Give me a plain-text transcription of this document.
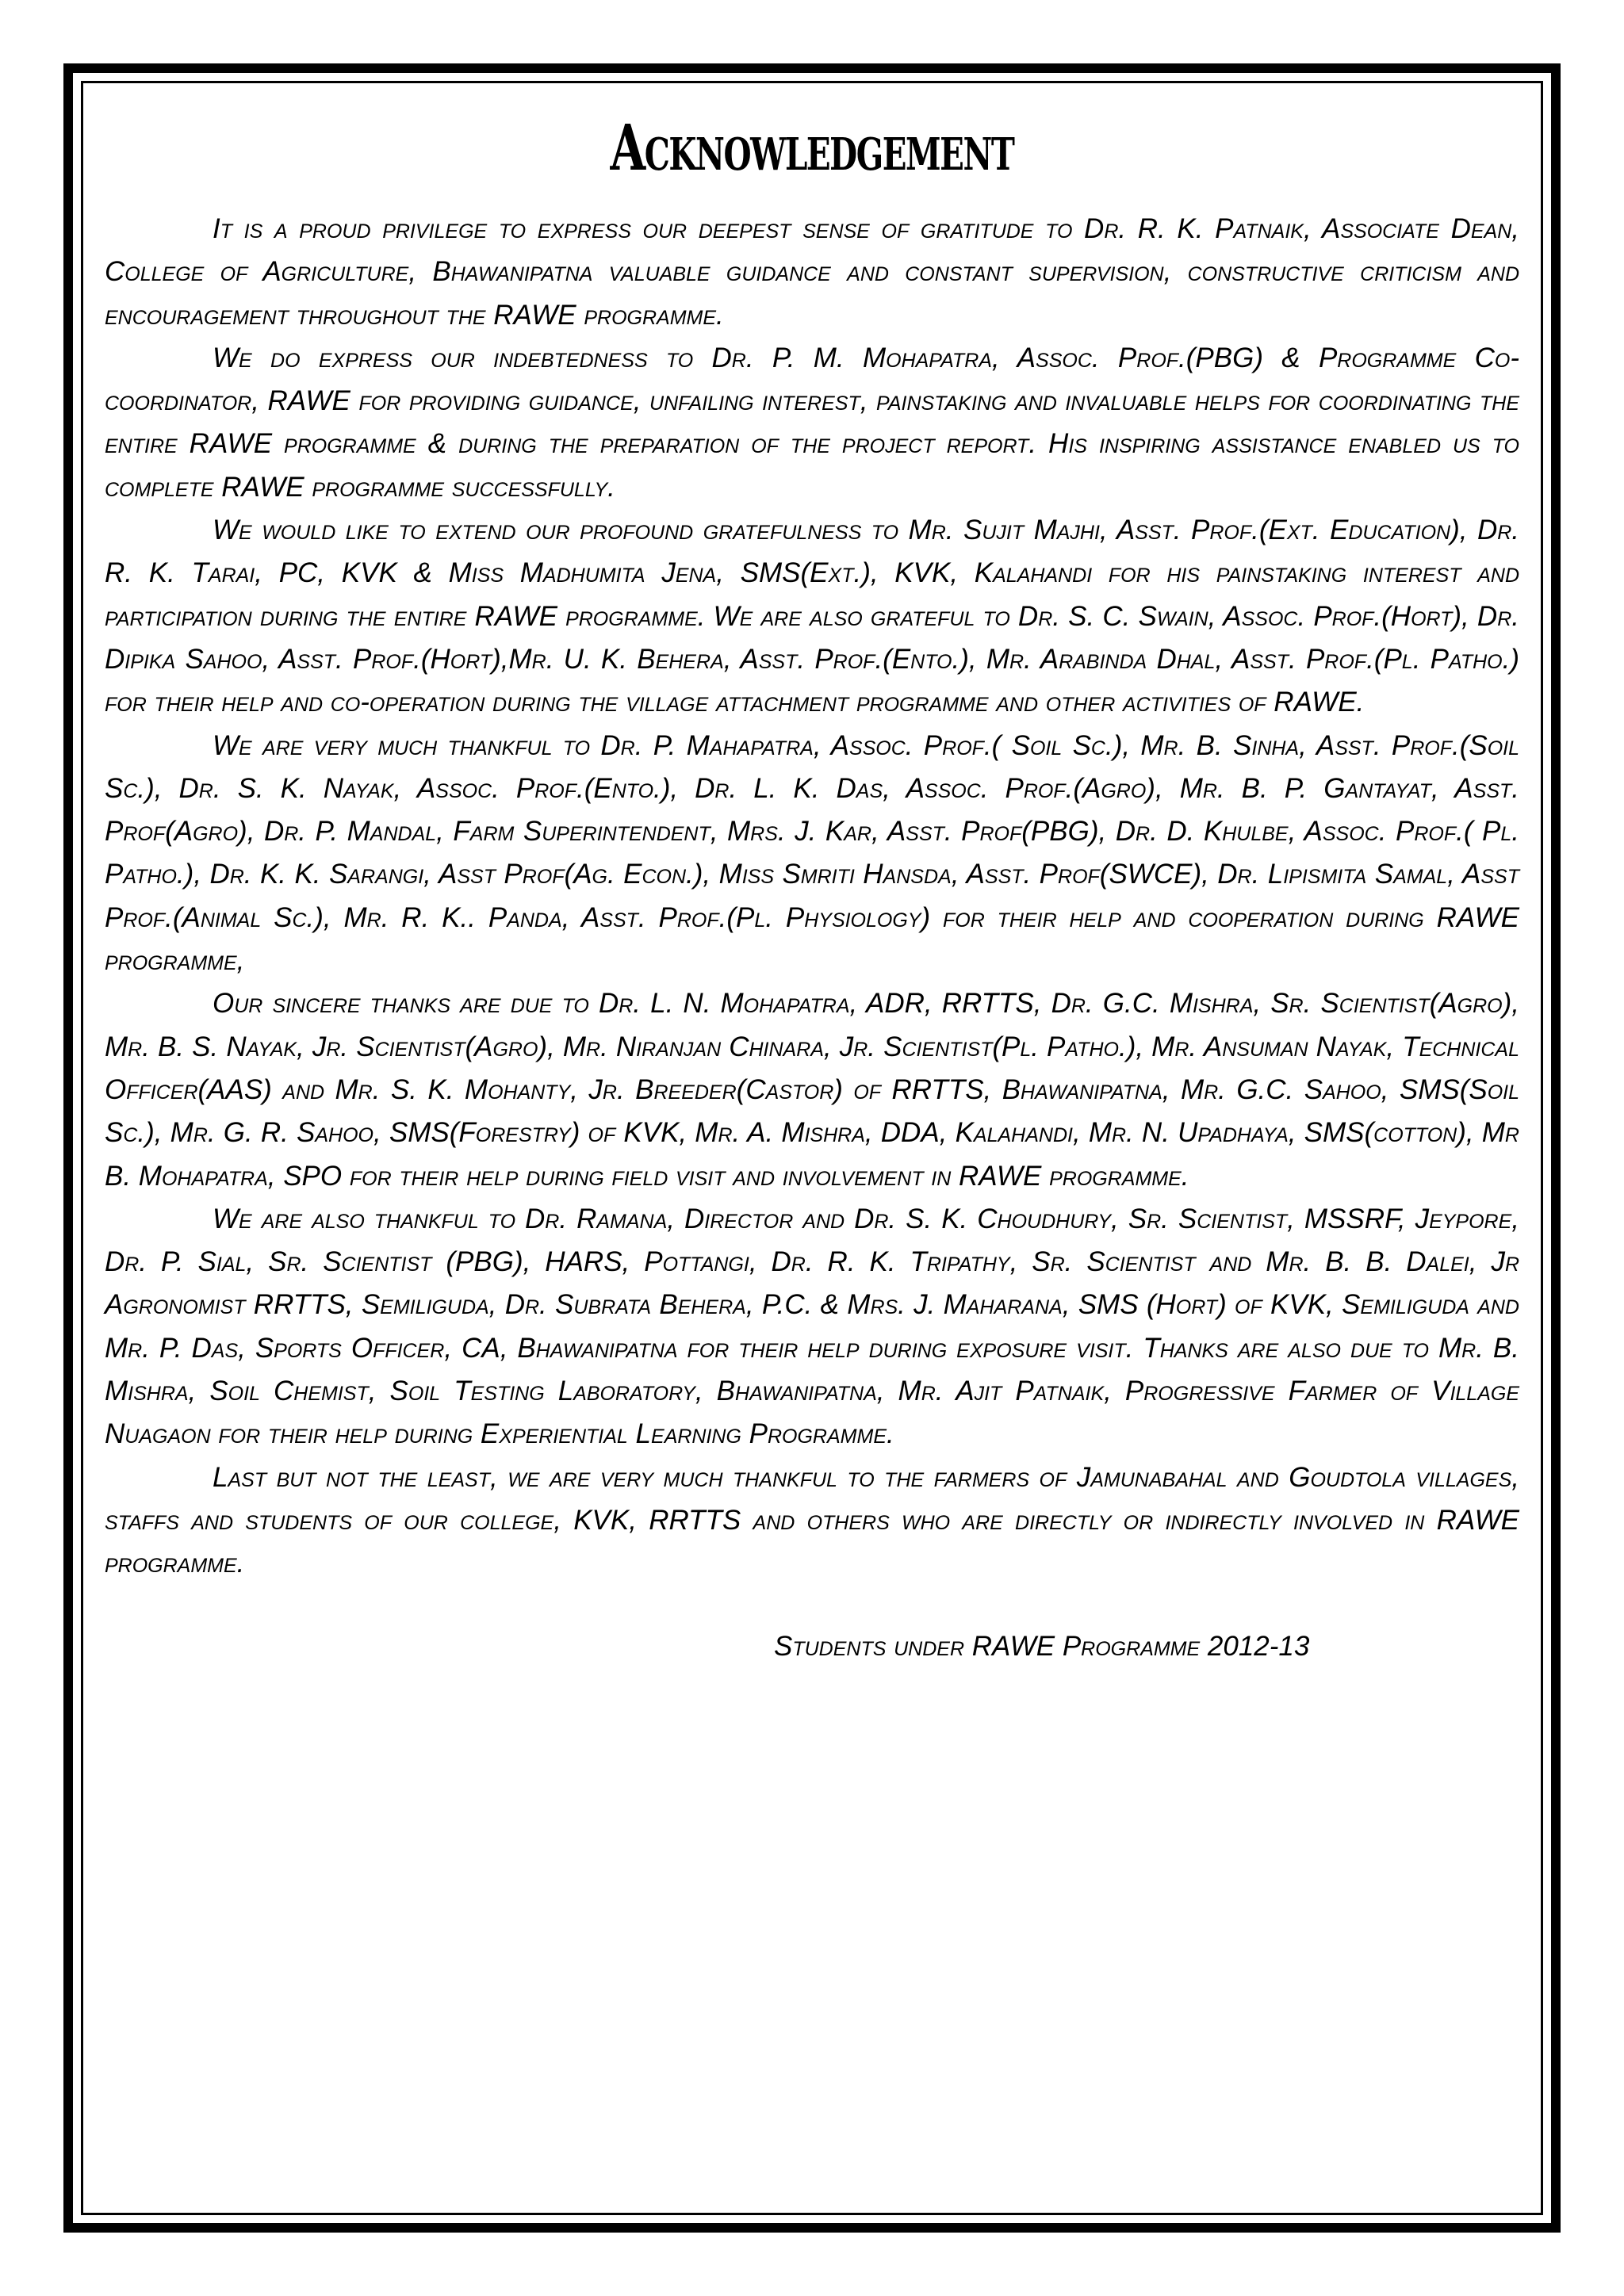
Acknowledgement

It is a proud privilege to express our deepest sense of gratitude to Dr. R. K. Patnaik, Associate Dean, College of Agriculture, Bhawanipatna valuable guidance and constant supervision, constructive criticism and encouragement throughout the RAWE programme.

We do express our indebtedness to Dr. P. M. Mohapatra, Assoc. Prof.(PBG) & Programme Co-coordinator, RAWE for providing guidance, unfailing interest, painstaking and invaluable helps for coordinating the entire RAWE programme & during the preparation of the project report. His inspiring assistance enabled us to complete RAWE programme successfully.

We would like to extend our profound gratefulness to Mr. Sujit Majhi, Asst. Prof.(Ext. Education), Dr. R. K. Tarai, PC, KVK & Miss Madhumita Jena, SMS(Ext.), KVK, Kalahandi for his painstaking interest and participation during the entire RAWE programme. We are also grateful to Dr. S. C. Swain, Assoc. Prof.(Hort), Dr. Dipika Sahoo, Asst. Prof.(Hort),Mr. U. K. Behera, Asst. Prof.(Ento.), Mr. Arabinda Dhal, Asst. Prof.(Pl. Patho.) for their help and co-operation during the village attachment programme and other activities of RAWE.

We are very much thankful to Dr. P. Mahapatra, Assoc. Prof.( Soil Sc.), Mr. B. Sinha, Asst. Prof.(Soil Sc.), Dr. S. K. Nayak, Assoc. Prof.(Ento.), Dr. L. K. Das, Assoc. Prof.(Agro), Mr. B. P. Gantayat, Asst. Prof(Agro), Dr. P. Mandal, Farm Superintendent, Mrs. J. Kar, Asst. Prof(PBG), Dr. D. Khulbe, Assoc. Prof.( Pl. Patho.), Dr. K. K. Sarangi, Asst Prof(Ag. Econ.), Miss Smriti Hansda, Asst. Prof(SWCE), Dr. Lipismita Samal, Asst Prof.(Animal Sc.), Mr. R. K.. Panda, Asst. Prof.(Pl. Physiology) for their help and cooperation during RAWE programme,

Our sincere thanks are due to Dr. L. N. Mohapatra, ADR, RRTTS, Dr. G.C. Mishra, Sr. Scientist(Agro), Mr. B. S. Nayak, Jr. Scientist(Agro), Mr. Niranjan Chinara, Jr. Scientist(Pl. Patho.), Mr. Ansuman Nayak, Technical Officer(AAS) and Mr. S. K. Mohanty, Jr. Breeder(Castor) of RRTTS, Bhawanipatna, Mr. G.C. Sahoo, SMS(Soil Sc.), Mr. G. R. Sahoo, SMS(Forestry) of KVK, Mr. A. Mishra, DDA, Kalahandi, Mr. N. Upadhaya, SMS(cotton), Mr B. Mohapatra, SPO for their help during field visit and involvement in RAWE programme.

We are also thankful to Dr. Ramana, Director and Dr. S. K. Choudhury, Sr. Scientist, MSSRF, Jeypore, Dr. P. Sial, Sr. Scientist (PBG), HARS, Pottangi, Dr. R. K. Tripathy, Sr. Scientist and Mr. B. B. Dalei, Jr Agronomist RRTTS, Semiliguda, Dr. Subrata Behera, P.C. & Mrs. J. Maharana, SMS (Hort) of KVK, Semiliguda and Mr. P. Das, Sports Officer, CA, Bhawanipatna for their help during exposure visit. Thanks are also due to Mr. B. Mishra, Soil Chemist, Soil Testing Laboratory, Bhawanipatna, Mr. Ajit Patnaik, Progressive Farmer of Village Nuagaon for their help during Experiential Learning Programme.

Last but not the least, we are very much thankful to the farmers of Jamunabahal and Goudtola villages, staffs and students of our college, KVK, RRTTS and others who are directly or indirectly involved in RAWE programme.

Students under RAWE Programme 2012-13
